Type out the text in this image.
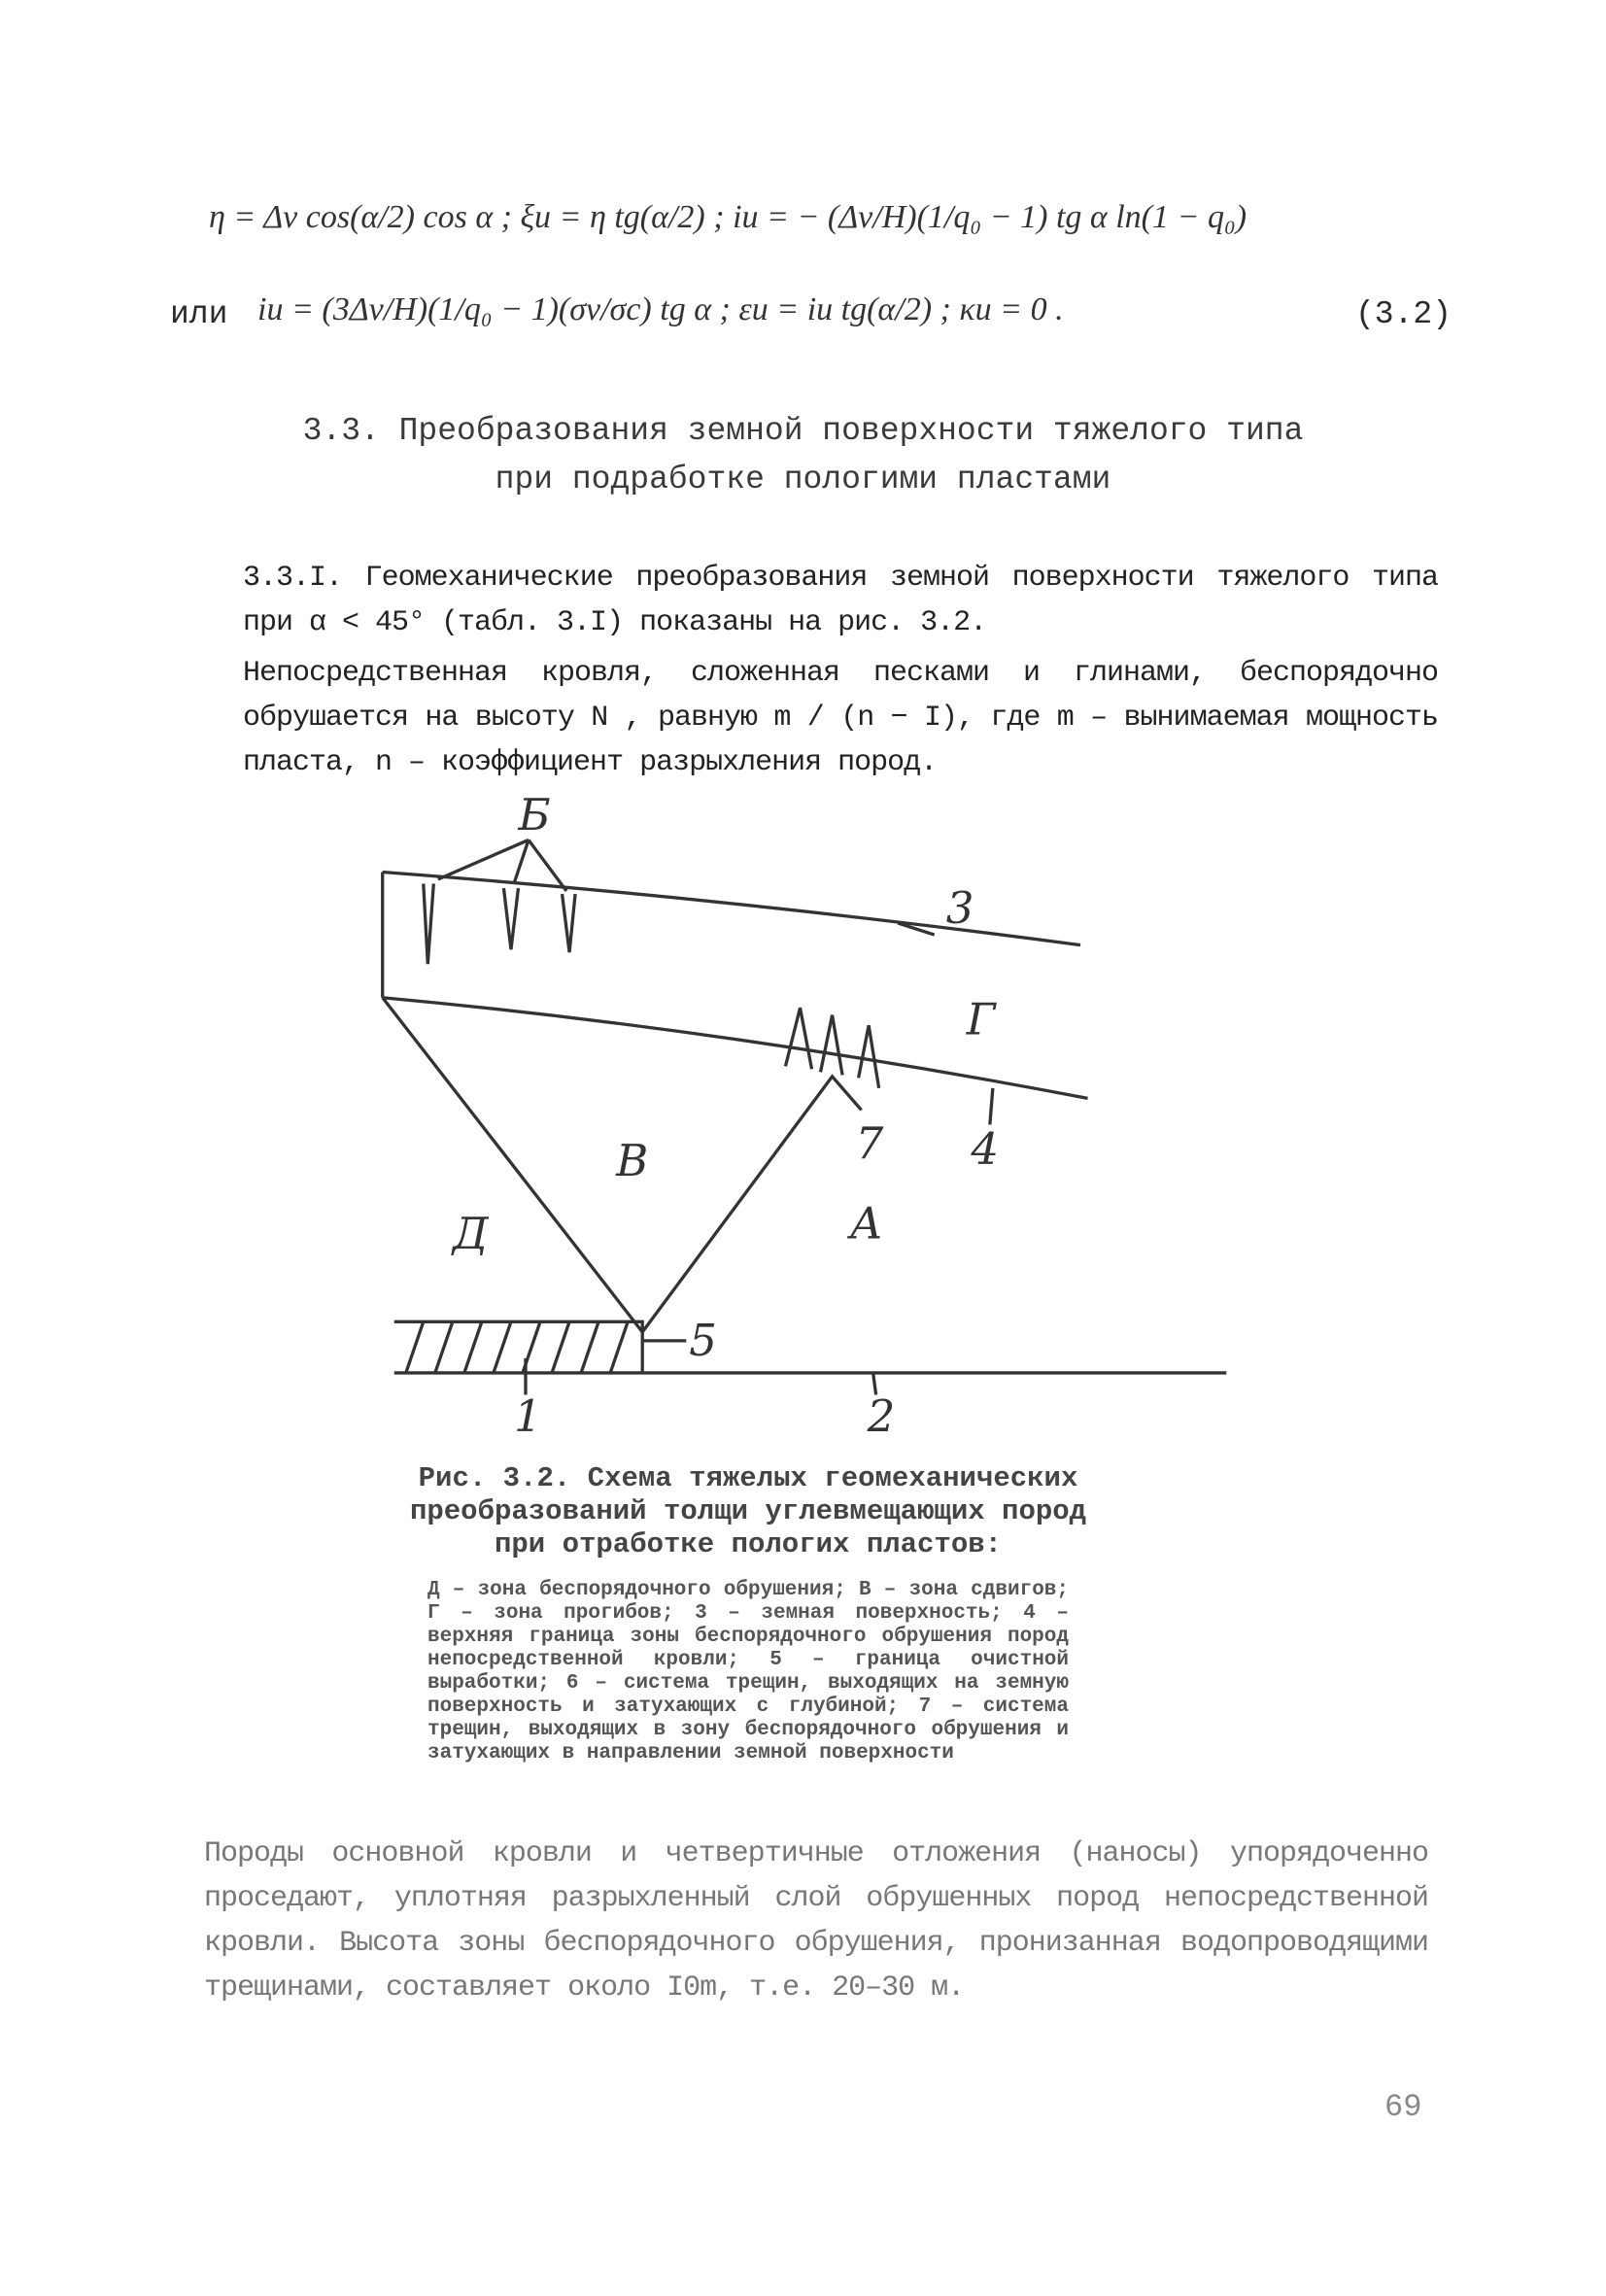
η = Δv cos(α/2) cos α ; ξu = η tg(α/2) ; iu = − (Δv/H)(1/q₀ − 1) tg α ln(1 − q₀)
или iu = (3Δv/H)(1/q₀ − 1)(σv/σc) tg α ; εu = iu tg(α/2) ; κu = 0 .	(3.2)
3.3. Преобразования земной поверхности тяжелого типа
при подработке пологими пластами
3.3.I. Геомеханические преобразования земной поверхности тяжелого типа при α < 45° (табл. 3.I) показаны на рис. 3.2.
Непосредственная кровля, сложенная песками и глинами, беспорядочно обрушается на высоту N , равную m / (n − I), где m – вынимаемая мощность пласта, n – коэффициент разрыхления пород.
Б
3
Г
В	7	4
Д	А
5
1	2
Рис. 3.2. Схема тяжелых геомеханических преобразований толщи углевмещающих пород при отработке пологих пластов:
Д – зона беспорядочного обрушения; В – зона сдвигов; Г – зона прогибов; 3 – земная поверхность; 4 – верхняя граница зоны беспорядочного обрушения пород непосредственной кровли; 5 – граница очистной выработки; 6 – система трещин, выходящих на земную поверхность и затухающих с глубиной; 7 – система трещин, выходящих в зону беспорядочного обрушения и затухающих в направлении земной поверхности
Породы основной кровли и четвертичные отложения (наносы) упорядоченно проседают, уплотняя разрыхленный слой обрушенных пород непосредственной кровли. Высота зоны беспорядочного обрушения, пронизанная водопроводящими трещинами, составляет около I0m, т.е. 20–30 м.
69
